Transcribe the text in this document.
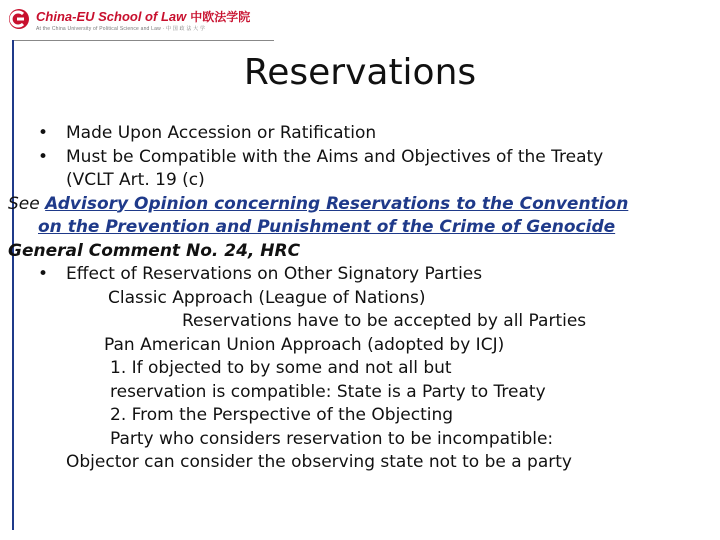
China-EU School of Law 中欧法学院
At the China University of Political Science and Law · 中 国 政 法 大 学
Reservations
• Made Upon Accession or Ratification
• Must be Compatible with the Aims and Objectives of the Treaty
(VCLT Art. 19 (c)
See Advisory Opinion concerning Reservations to the Convention
on the Prevention and Punishment of the Crime of Genocide
General Comment No. 24, HRC
• Effect of Reservations on Other Signatory Parties
Classic Approach (League of Nations)
Reservations have to be accepted by all Parties
Pan American Union Approach (adopted by ICJ)
1. If objected to by some and not all but
reservation is compatible: State is a Party to Treaty
2. From the Perspective of the Objecting
Party who considers reservation to be incompatible:
Objector can consider the observing state not to be a party
